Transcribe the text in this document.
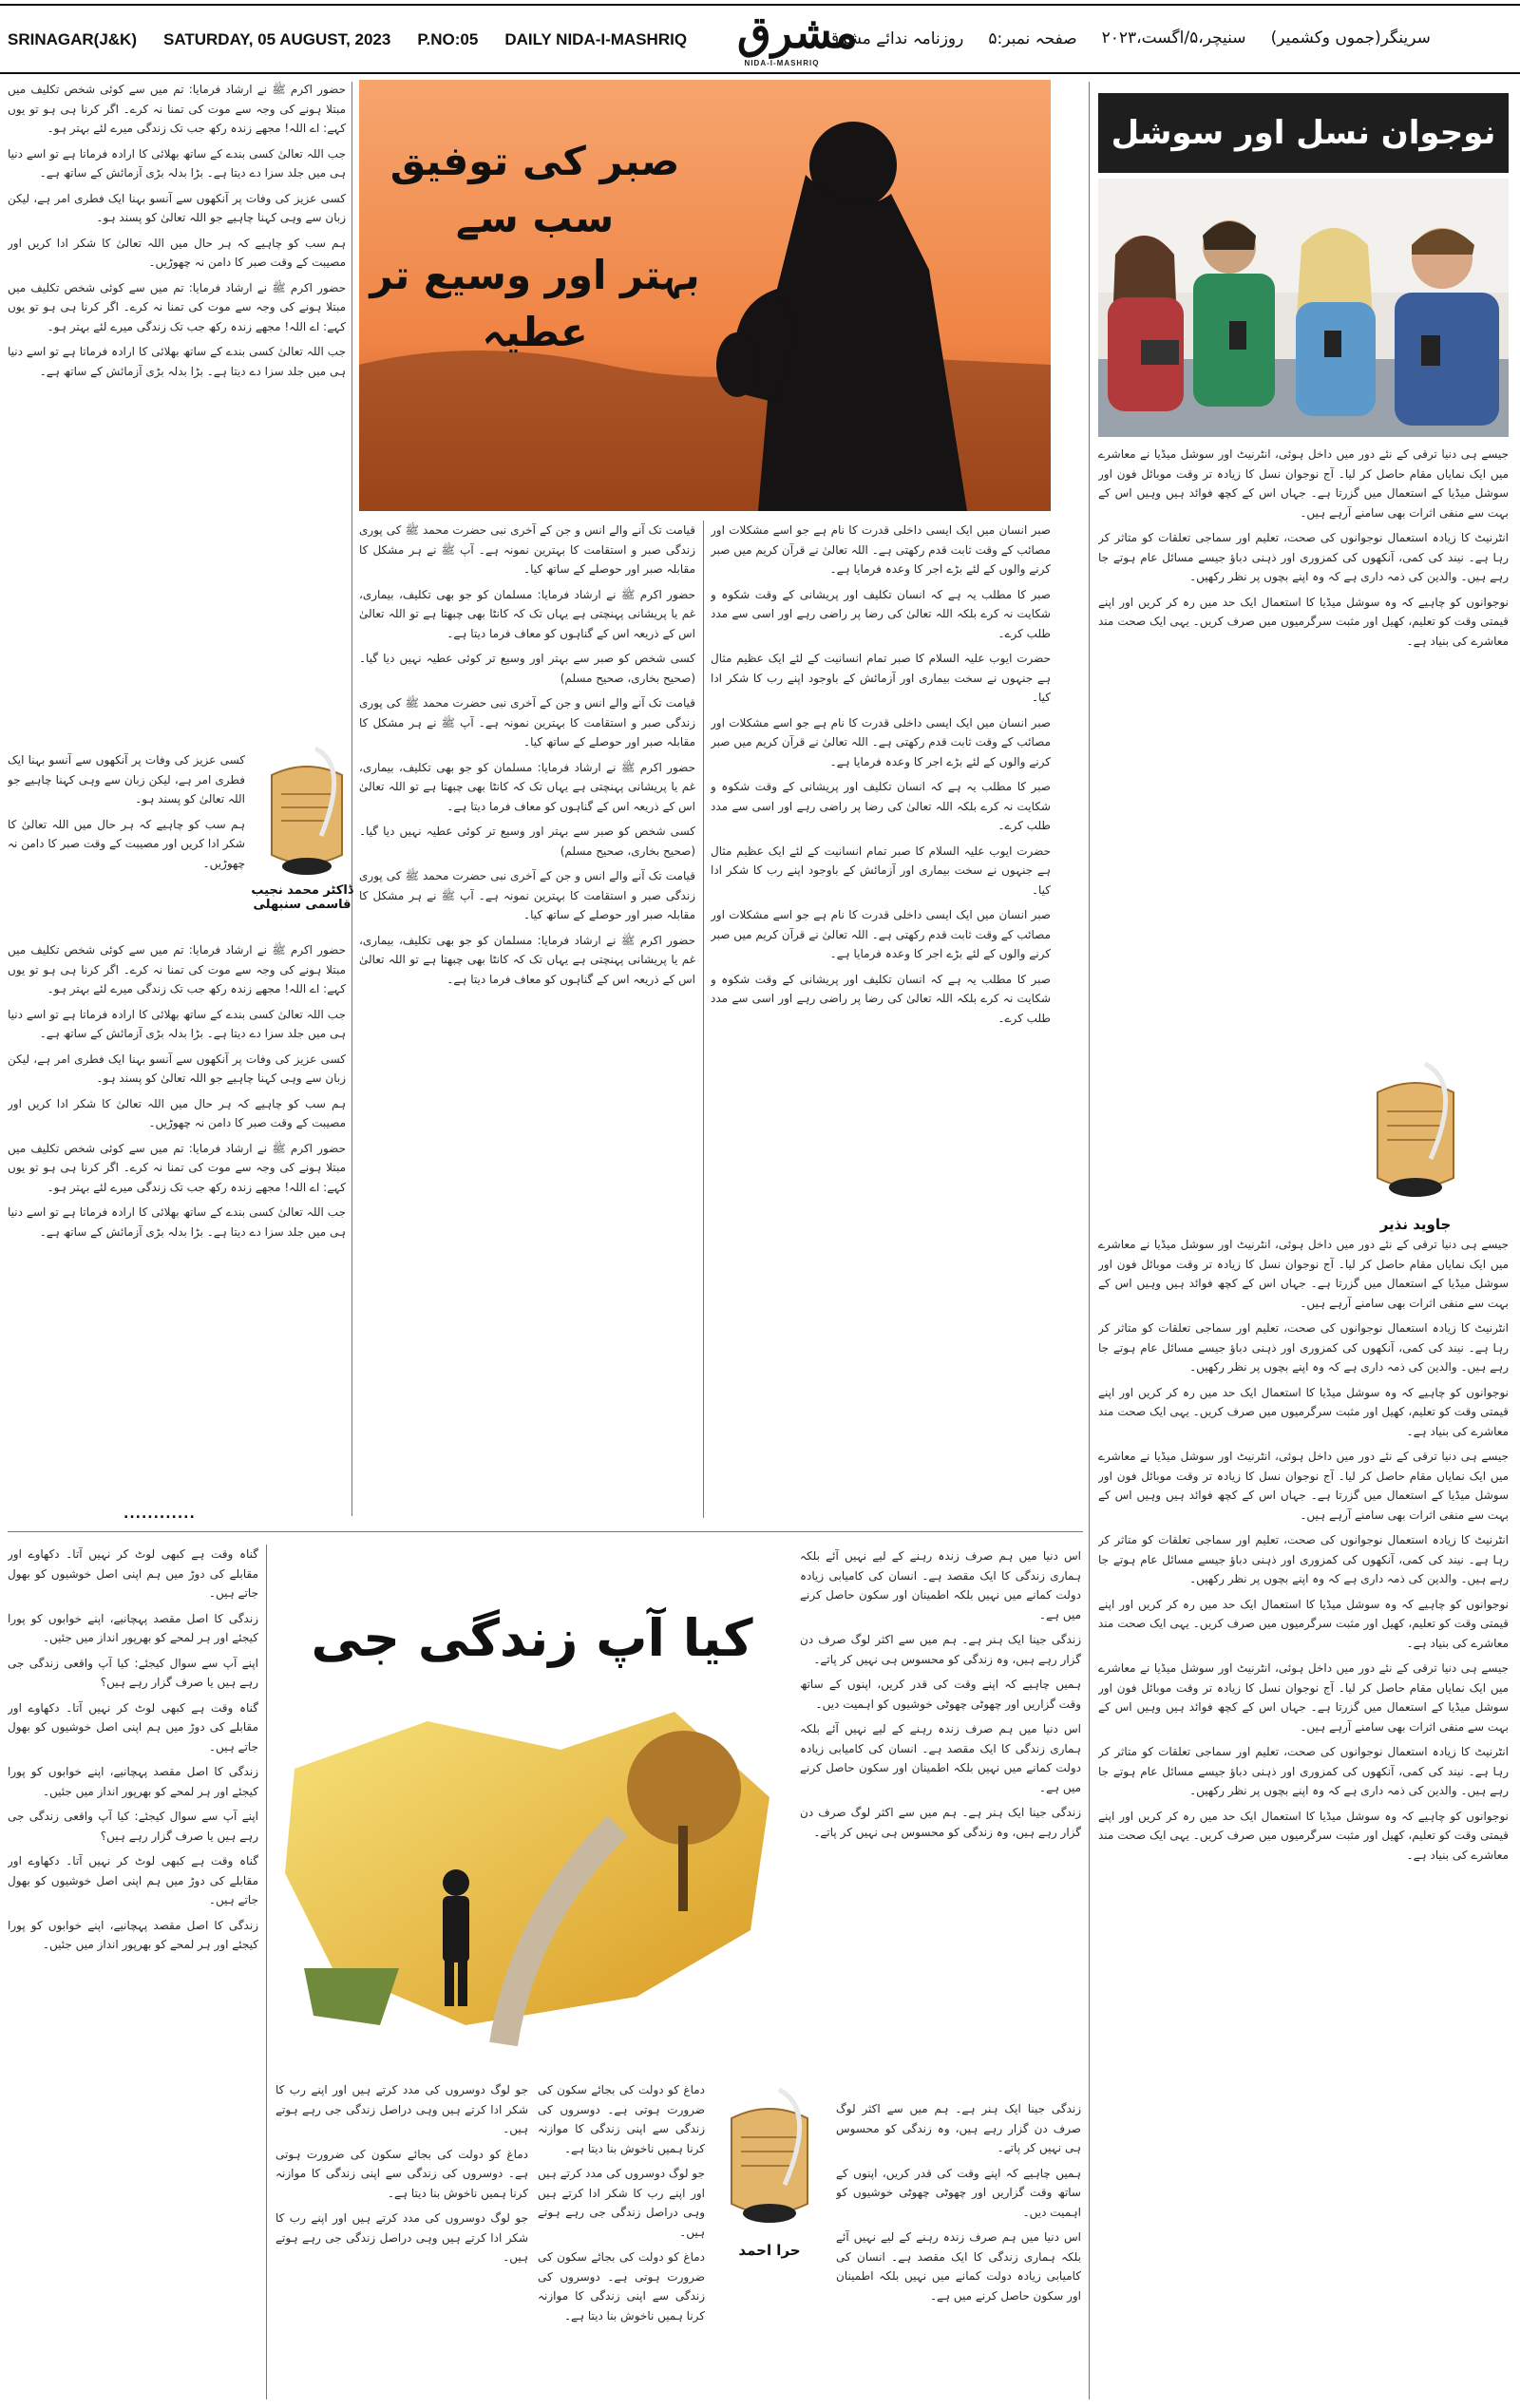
SRINAGAR(J&K) SATURDAY, 05 AUGUST, 2023 P.NO:05 DAILY NIDA-I-MASHRIQ مشرق
NIDA-I-MASHRIQ
سرینگر(جموں وکشمیر)
سنیچر،۵/اگست،۲۰۲۳
صفحہ نمبر:۵
روزنامہ ندائے مشرق
نوجوان نسل اور سوشل

جیسے ہی دنیا ترقی کے نئے دور میں داخل ہوئی، انٹرنیٹ اور سوشل میڈیا نے معاشرے میں ایک نمایاں مقام حاصل کر لیا۔ آج نوجوان نسل کا زیادہ تر وقت موبائل فون اور سوشل میڈیا کے استعمال میں گزرتا ہے۔ جہاں اس کے کچھ فوائد ہیں وہیں اس کے بہت سے منفی اثرات بھی سامنے آرہے ہیں۔

انٹرنیٹ کا زیادہ استعمال نوجوانوں کی صحت، تعلیم اور سماجی تعلقات کو متاثر کر رہا ہے۔ نیند کی کمی، آنکھوں کی کمزوری اور ذہنی دباؤ جیسے مسائل عام ہوتے جا رہے ہیں۔ والدین کی ذمہ داری ہے کہ وہ اپنے بچوں پر نظر رکھیں۔

نوجوانوں کو چاہیے کہ وہ سوشل میڈیا کا استعمال ایک حد میں رہ کر کریں اور اپنے قیمتی وقت کو تعلیم، کھیل اور مثبت سرگرمیوں میں صرف کریں۔ یہی ایک صحت مند معاشرے کی بنیاد ہے۔

جاوید نذیر

جیسے ہی دنیا ترقی کے نئے دور میں داخل ہوئی، انٹرنیٹ اور سوشل میڈیا نے معاشرے میں ایک نمایاں مقام حاصل کر لیا۔ آج نوجوان نسل کا زیادہ تر وقت موبائل فون اور سوشل میڈیا کے استعمال میں گزرتا ہے۔ جہاں اس کے کچھ فوائد ہیں وہیں اس کے بہت سے منفی اثرات بھی سامنے آرہے ہیں۔

انٹرنیٹ کا زیادہ استعمال نوجوانوں کی صحت، تعلیم اور سماجی تعلقات کو متاثر کر رہا ہے۔ نیند کی کمی، آنکھوں کی کمزوری اور ذہنی دباؤ جیسے مسائل عام ہوتے جا رہے ہیں۔ والدین کی ذمہ داری ہے کہ وہ اپنے بچوں پر نظر رکھیں۔

نوجوانوں کو چاہیے کہ وہ سوشل میڈیا کا استعمال ایک حد میں رہ کر کریں اور اپنے قیمتی وقت کو تعلیم، کھیل اور مثبت سرگرمیوں میں صرف کریں۔ یہی ایک صحت مند معاشرے کی بنیاد ہے۔

جیسے ہی دنیا ترقی کے نئے دور میں داخل ہوئی، انٹرنیٹ اور سوشل میڈیا نے معاشرے میں ایک نمایاں مقام حاصل کر لیا۔ آج نوجوان نسل کا زیادہ تر وقت موبائل فون اور سوشل میڈیا کے استعمال میں گزرتا ہے۔ جہاں اس کے کچھ فوائد ہیں وہیں اس کے بہت سے منفی اثرات بھی سامنے آرہے ہیں۔

انٹرنیٹ کا زیادہ استعمال نوجوانوں کی صحت، تعلیم اور سماجی تعلقات کو متاثر کر رہا ہے۔ نیند کی کمی، آنکھوں کی کمزوری اور ذہنی دباؤ جیسے مسائل عام ہوتے جا رہے ہیں۔ والدین کی ذمہ داری ہے کہ وہ اپنے بچوں پر نظر رکھیں۔

نوجوانوں کو چاہیے کہ وہ سوشل میڈیا کا استعمال ایک حد میں رہ کر کریں اور اپنے قیمتی وقت کو تعلیم، کھیل اور مثبت سرگرمیوں میں صرف کریں۔ یہی ایک صحت مند معاشرے کی بنیاد ہے۔

جیسے ہی دنیا ترقی کے نئے دور میں داخل ہوئی، انٹرنیٹ اور سوشل میڈیا نے معاشرے میں ایک نمایاں مقام حاصل کر لیا۔ آج نوجوان نسل کا زیادہ تر وقت موبائل فون اور سوشل میڈیا کے استعمال میں گزرتا ہے۔ جہاں اس کے کچھ فوائد ہیں وہیں اس کے بہت سے منفی اثرات بھی سامنے آرہے ہیں۔

انٹرنیٹ کا زیادہ استعمال نوجوانوں کی صحت، تعلیم اور سماجی تعلقات کو متاثر کر رہا ہے۔ نیند کی کمی، آنکھوں کی کمزوری اور ذہنی دباؤ جیسے مسائل عام ہوتے جا رہے ہیں۔ والدین کی ذمہ داری ہے کہ وہ اپنے بچوں پر نظر رکھیں۔

نوجوانوں کو چاہیے کہ وہ سوشل میڈیا کا استعمال ایک حد میں رہ کر کریں اور اپنے قیمتی وقت کو تعلیم، کھیل اور مثبت سرگرمیوں میں صرف کریں۔ یہی ایک صحت مند معاشرے کی بنیاد ہے۔

صبر کی توفیق سب سے
بہتر اور وسیع تر عطیہ

صبر انسان میں ایک ایسی داخلی قدرت کا نام ہے جو اسے مشکلات اور مصائب کے وقت ثابت قدم رکھتی ہے۔ اللہ تعالیٰ نے قرآن کریم میں صبر کرنے والوں کے لئے بڑے اجر کا وعدہ فرمایا ہے۔

صبر کا مطلب یہ ہے کہ انسان تکلیف اور پریشانی کے وقت شکوہ و شکایت نہ کرے بلکہ اللہ تعالیٰ کی رضا پر راضی رہے اور اسی سے مدد طلب کرے۔

حضرت ایوب علیہ السلام کا صبر تمام انسانیت کے لئے ایک عظیم مثال ہے جنہوں نے سخت بیماری اور آزمائش کے باوجود اپنے رب کا شکر ادا کیا۔

صبر انسان میں ایک ایسی داخلی قدرت کا نام ہے جو اسے مشکلات اور مصائب کے وقت ثابت قدم رکھتی ہے۔ اللہ تعالیٰ نے قرآن کریم میں صبر کرنے والوں کے لئے بڑے اجر کا وعدہ فرمایا ہے۔

صبر کا مطلب یہ ہے کہ انسان تکلیف اور پریشانی کے وقت شکوہ و شکایت نہ کرے بلکہ اللہ تعالیٰ کی رضا پر راضی رہے اور اسی سے مدد طلب کرے۔

حضرت ایوب علیہ السلام کا صبر تمام انسانیت کے لئے ایک عظیم مثال ہے جنہوں نے سخت بیماری اور آزمائش کے باوجود اپنے رب کا شکر ادا کیا۔

صبر انسان میں ایک ایسی داخلی قدرت کا نام ہے جو اسے مشکلات اور مصائب کے وقت ثابت قدم رکھتی ہے۔ اللہ تعالیٰ نے قرآن کریم میں صبر کرنے والوں کے لئے بڑے اجر کا وعدہ فرمایا ہے۔

صبر کا مطلب یہ ہے کہ انسان تکلیف اور پریشانی کے وقت شکوہ و شکایت نہ کرے بلکہ اللہ تعالیٰ کی رضا پر راضی رہے اور اسی سے مدد طلب کرے۔

قیامت تک آنے والے انس و جن کے آخری نبی حضرت محمد ﷺ کی پوری زندگی صبر و استقامت کا بہترین نمونہ ہے۔ آپ ﷺ نے ہر مشکل کا مقابلہ صبر اور حوصلے کے ساتھ کیا۔

حضور اکرم ﷺ نے ارشاد فرمایا: مسلمان کو جو بھی تکلیف، بیماری، غم یا پریشانی پہنچتی ہے یہاں تک کہ کانٹا بھی چبھتا ہے تو اللہ تعالیٰ اس کے ذریعہ اس کے گناہوں کو معاف فرما دیتا ہے۔

کسی شخص کو صبر سے بہتر اور وسیع تر کوئی عطیہ نہیں دیا گیا۔ (صحیح بخاری، صحیح مسلم)

قیامت تک آنے والے انس و جن کے آخری نبی حضرت محمد ﷺ کی پوری زندگی صبر و استقامت کا بہترین نمونہ ہے۔ آپ ﷺ نے ہر مشکل کا مقابلہ صبر اور حوصلے کے ساتھ کیا۔

حضور اکرم ﷺ نے ارشاد فرمایا: مسلمان کو جو بھی تکلیف، بیماری، غم یا پریشانی پہنچتی ہے یہاں تک کہ کانٹا بھی چبھتا ہے تو اللہ تعالیٰ اس کے ذریعہ اس کے گناہوں کو معاف فرما دیتا ہے۔

کسی شخص کو صبر سے بہتر اور وسیع تر کوئی عطیہ نہیں دیا گیا۔ (صحیح بخاری، صحیح مسلم)

قیامت تک آنے والے انس و جن کے آخری نبی حضرت محمد ﷺ کی پوری زندگی صبر و استقامت کا بہترین نمونہ ہے۔ آپ ﷺ نے ہر مشکل کا مقابلہ صبر اور حوصلے کے ساتھ کیا۔

حضور اکرم ﷺ نے ارشاد فرمایا: مسلمان کو جو بھی تکلیف، بیماری، غم یا پریشانی پہنچتی ہے یہاں تک کہ کانٹا بھی چبھتا ہے تو اللہ تعالیٰ اس کے ذریعہ اس کے گناہوں کو معاف فرما دیتا ہے۔

حضور اکرم ﷺ نے ارشاد فرمایا: تم میں سے کوئی شخص تکلیف میں مبتلا ہونے کی وجہ سے موت کی تمنا نہ کرے۔ اگر کرنا ہی ہو تو یوں کہے: اے اللہ! مجھے زندہ رکھ جب تک زندگی میرے لئے بہتر ہو۔

جب اللہ تعالیٰ کسی بندے کے ساتھ بھلائی کا ارادہ فرماتا ہے تو اسے دنیا ہی میں جلد سزا دے دیتا ہے۔ بڑا بدلہ بڑی آزمائش کے ساتھ ہے۔

کسی عزیز کی وفات پر آنکھوں سے آنسو بہنا ایک فطری امر ہے، لیکن زبان سے وہی کہنا چاہیے جو اللہ تعالیٰ کو پسند ہو۔

ہم سب کو چاہیے کہ ہر حال میں اللہ تعالیٰ کا شکر ادا کریں اور مصیبت کے وقت صبر کا دامن نہ چھوڑیں۔

حضور اکرم ﷺ نے ارشاد فرمایا: تم میں سے کوئی شخص تکلیف میں مبتلا ہونے کی وجہ سے موت کی تمنا نہ کرے۔ اگر کرنا ہی ہو تو یوں کہے: اے اللہ! مجھے زندہ رکھ جب تک زندگی میرے لئے بہتر ہو۔

جب اللہ تعالیٰ کسی بندے کے ساتھ بھلائی کا ارادہ فرماتا ہے تو اسے دنیا ہی میں جلد سزا دے دیتا ہے۔ بڑا بدلہ بڑی آزمائش کے ساتھ ہے۔

ڈاکٹر محمد نجیب قاسمی سنبھلی

کسی عزیز کی وفات پر آنکھوں سے آنسو بہنا ایک فطری امر ہے، لیکن زبان سے وہی کہنا چاہیے جو اللہ تعالیٰ کو پسند ہو۔

ہم سب کو چاہیے کہ ہر حال میں اللہ تعالیٰ کا شکر ادا کریں اور مصیبت کے وقت صبر کا دامن نہ چھوڑیں۔

حضور اکرم ﷺ نے ارشاد فرمایا: تم میں سے کوئی شخص تکلیف میں مبتلا ہونے کی وجہ سے موت کی تمنا نہ کرے۔ اگر کرنا ہی ہو تو یوں کہے: اے اللہ! مجھے زندہ رکھ جب تک زندگی میرے لئے بہتر ہو۔

جب اللہ تعالیٰ کسی بندے کے ساتھ بھلائی کا ارادہ فرماتا ہے تو اسے دنیا ہی میں جلد سزا دے دیتا ہے۔ بڑا بدلہ بڑی آزمائش کے ساتھ ہے۔

کسی عزیز کی وفات پر آنکھوں سے آنسو بہنا ایک فطری امر ہے، لیکن زبان سے وہی کہنا چاہیے جو اللہ تعالیٰ کو پسند ہو۔

ہم سب کو چاہیے کہ ہر حال میں اللہ تعالیٰ کا شکر ادا کریں اور مصیبت کے وقت صبر کا دامن نہ چھوڑیں۔

حضور اکرم ﷺ نے ارشاد فرمایا: تم میں سے کوئی شخص تکلیف میں مبتلا ہونے کی وجہ سے موت کی تمنا نہ کرے۔ اگر کرنا ہی ہو تو یوں کہے: اے اللہ! مجھے زندہ رکھ جب تک زندگی میرے لئے بہتر ہو۔

جب اللہ تعالیٰ کسی بندے کے ساتھ بھلائی کا ارادہ فرماتا ہے تو اسے دنیا ہی میں جلد سزا دے دیتا ہے۔ بڑا بدلہ بڑی آزمائش کے ساتھ ہے۔

............
کیا آپ زندگی جی

اس دنیا میں ہم صرف زندہ رہنے کے لیے نہیں آئے بلکہ ہماری زندگی کا ایک مقصد ہے۔ انسان کی کامیابی زیادہ دولت کمانے میں نہیں بلکہ اطمینان اور سکون حاصل کرنے میں ہے۔

زندگی جینا ایک ہنر ہے۔ ہم میں سے اکثر لوگ صرف دن گزار رہے ہیں، وہ زندگی کو محسوس ہی نہیں کر پاتے۔

ہمیں چاہیے کہ اپنے وقت کی قدر کریں، اپنوں کے ساتھ وقت گزاریں اور چھوٹی چھوٹی خوشیوں کو اہمیت دیں۔

اس دنیا میں ہم صرف زندہ رہنے کے لیے نہیں آئے بلکہ ہماری زندگی کا ایک مقصد ہے۔ انسان کی کامیابی زیادہ دولت کمانے میں نہیں بلکہ اطمینان اور سکون حاصل کرنے میں ہے۔

زندگی جینا ایک ہنر ہے۔ ہم میں سے اکثر لوگ صرف دن گزار رہے ہیں، وہ زندگی کو محسوس ہی نہیں کر پاتے۔

حرا احمد

زندگی جینا ایک ہنر ہے۔ ہم میں سے اکثر لوگ صرف دن گزار رہے ہیں، وہ زندگی کو محسوس ہی نہیں کر پاتے۔

ہمیں چاہیے کہ اپنے وقت کی قدر کریں، اپنوں کے ساتھ وقت گزاریں اور چھوٹی چھوٹی خوشیوں کو اہمیت دیں۔

اس دنیا میں ہم صرف زندہ رہنے کے لیے نہیں آئے بلکہ ہماری زندگی کا ایک مقصد ہے۔ انسان کی کامیابی زیادہ دولت کمانے میں نہیں بلکہ اطمینان اور سکون حاصل کرنے میں ہے۔

دماغ کو دولت کی بجائے سکون کی ضرورت ہوتی ہے۔ دوسروں کی زندگی سے اپنی زندگی کا موازنہ کرنا ہمیں ناخوش بنا دیتا ہے۔

جو لوگ دوسروں کی مدد کرتے ہیں اور اپنے رب کا شکر ادا کرتے ہیں وہی دراصل زندگی جی رہے ہوتے ہیں۔

دماغ کو دولت کی بجائے سکون کی ضرورت ہوتی ہے۔ دوسروں کی زندگی سے اپنی زندگی کا موازنہ کرنا ہمیں ناخوش بنا دیتا ہے۔

جو لوگ دوسروں کی مدد کرتے ہیں اور اپنے رب کا شکر ادا کرتے ہیں وہی دراصل زندگی جی رہے ہوتے ہیں۔

دماغ کو دولت کی بجائے سکون کی ضرورت ہوتی ہے۔ دوسروں کی زندگی سے اپنی زندگی کا موازنہ کرنا ہمیں ناخوش بنا دیتا ہے۔

جو لوگ دوسروں کی مدد کرتے ہیں اور اپنے رب کا شکر ادا کرتے ہیں وہی دراصل زندگی جی رہے ہوتے ہیں۔

گناہ وقت ہے کبھی لوٹ کر نہیں آتا۔ دکھاوے اور مقابلے کی دوڑ میں ہم اپنی اصل خوشیوں کو بھول جاتے ہیں۔

زندگی کا اصل مقصد پہچانیے، اپنے خوابوں کو پورا کیجئے اور ہر لمحے کو بھرپور انداز میں جئیں۔

اپنے آپ سے سوال کیجئے: کیا آپ واقعی زندگی جی رہے ہیں یا صرف گزار رہے ہیں؟

گناہ وقت ہے کبھی لوٹ کر نہیں آتا۔ دکھاوے اور مقابلے کی دوڑ میں ہم اپنی اصل خوشیوں کو بھول جاتے ہیں۔

زندگی کا اصل مقصد پہچانیے، اپنے خوابوں کو پورا کیجئے اور ہر لمحے کو بھرپور انداز میں جئیں۔

اپنے آپ سے سوال کیجئے: کیا آپ واقعی زندگی جی رہے ہیں یا صرف گزار رہے ہیں؟

گناہ وقت ہے کبھی لوٹ کر نہیں آتا۔ دکھاوے اور مقابلے کی دوڑ میں ہم اپنی اصل خوشیوں کو بھول جاتے ہیں۔

زندگی کا اصل مقصد پہچانیے، اپنے خوابوں کو پورا کیجئے اور ہر لمحے کو بھرپور انداز میں جئیں۔
